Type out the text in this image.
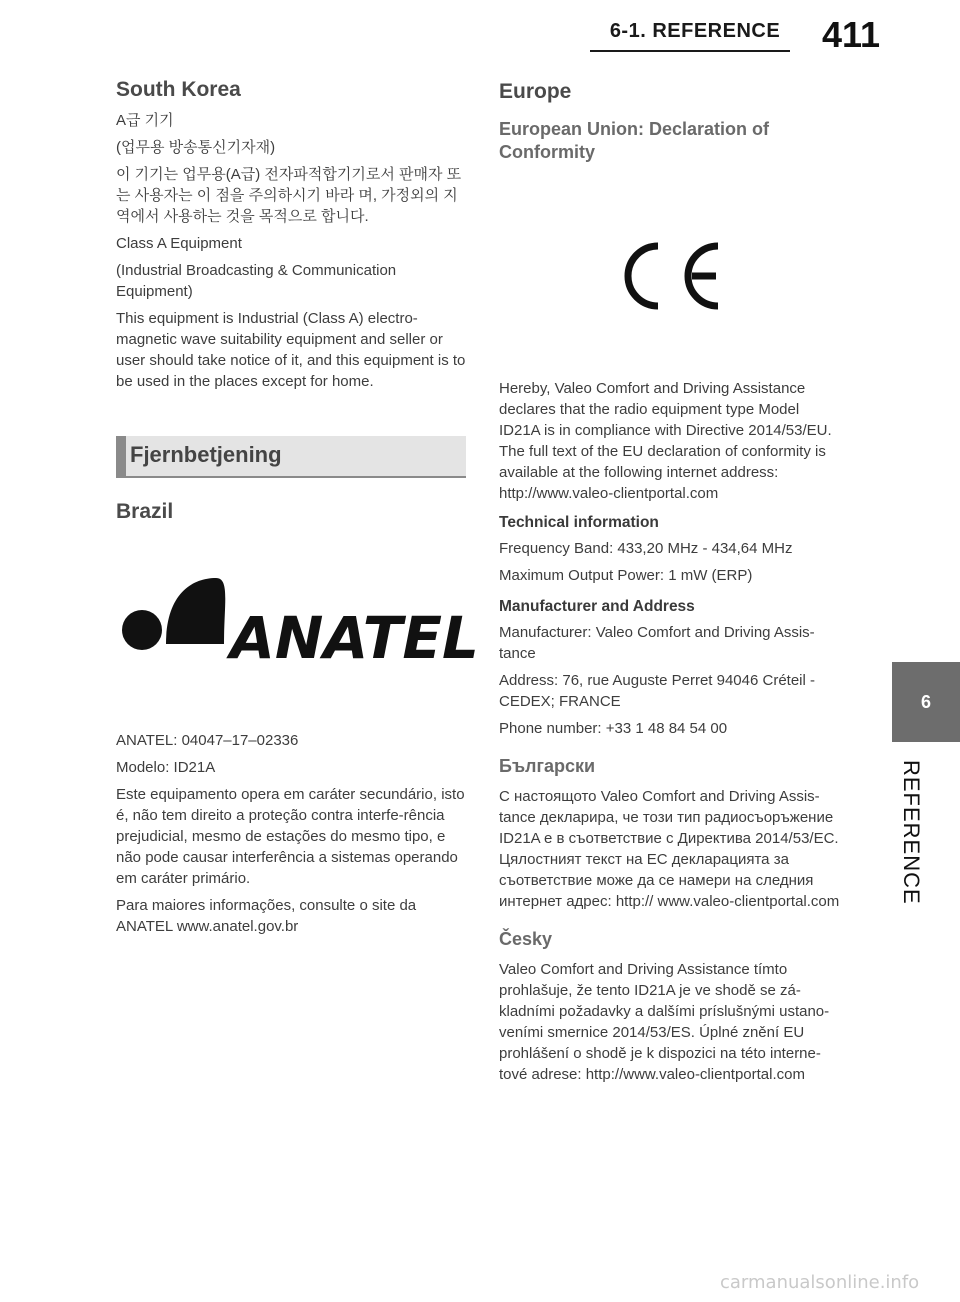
6-1. REFERENCE 411
6
REFERENCE
South Korea

A급 기기

(업무용 방송통신기자재)

이 기기는 업무용(A급) 전자파적합기기로서 판매자 또는 사용자는 이 점을 주의하시기 바라 며, 가정외의 지역에서 사용하는 것을 목적으로 합니다.

Class A Equipment

(Industrial Broadcasting & Communication Equipment)

This equipment is Industrial (Class A) electro-magnetic wave suitability equipment and seller or user should take notice of it, and this equipment is to be used in the places except for home.

Fjernbetjening
Brazil
ANATEL

ANATEL: 04047–17–02336

Modelo: ID21A

Este equipamento opera em caráter secundário, isto é, não tem direito a proteção contra interfe-rência prejudicial, mesmo de estações do mesmo tipo, e não pode causar interferência a sistemas operando em caráter primário.

Para maiores informações, consulte o site da ANATEL www.anatel.gov.br

Europe
European Union: Declaration of Conformity

Hereby, Valeo Comfort and Driving Assistance declares that the radio equipment type Model ID21A is in compliance with Directive 2014/53/EU. The full text of the EU declaration of conformity is available at the following internet address: http://www.valeo-clientportal.com

Technical information

Frequency Band: 433,20 MHz - 434,64 MHz

Maximum Output Power: 1 mW (ERP)

Manufacturer and Address

Manufacturer: Valeo Comfort and Driving Assis-tance

Address: 76, rue Auguste Perret 94046 Créteil - CEDEX; FRANCE

Phone number: +33 1 48 84 54 00

Български

С настоящото Valeo Comfort and Driving Assis-tance декларира, че този тип радиосъоръжение ID21A е в съответствие с Директива 2014/53/ЕС. Цялостният текст на ЕС декларацията за съответствие може да се намери на следния интернет адрес: http:// www.valeo-clientportal.com

Česky

Valeo Comfort and Driving Assistance tímto prohlašuje, že tento ID21A je ve shodě se zá-kladními požadavky a dalšími príslušnými ustano-veními smernice 2014/53/ES. Úplné znění EU prohlášení o shodě je k dispozici na této interne-tové adrese: http://www.valeo-clientportal.com

carmanualsonline.info
